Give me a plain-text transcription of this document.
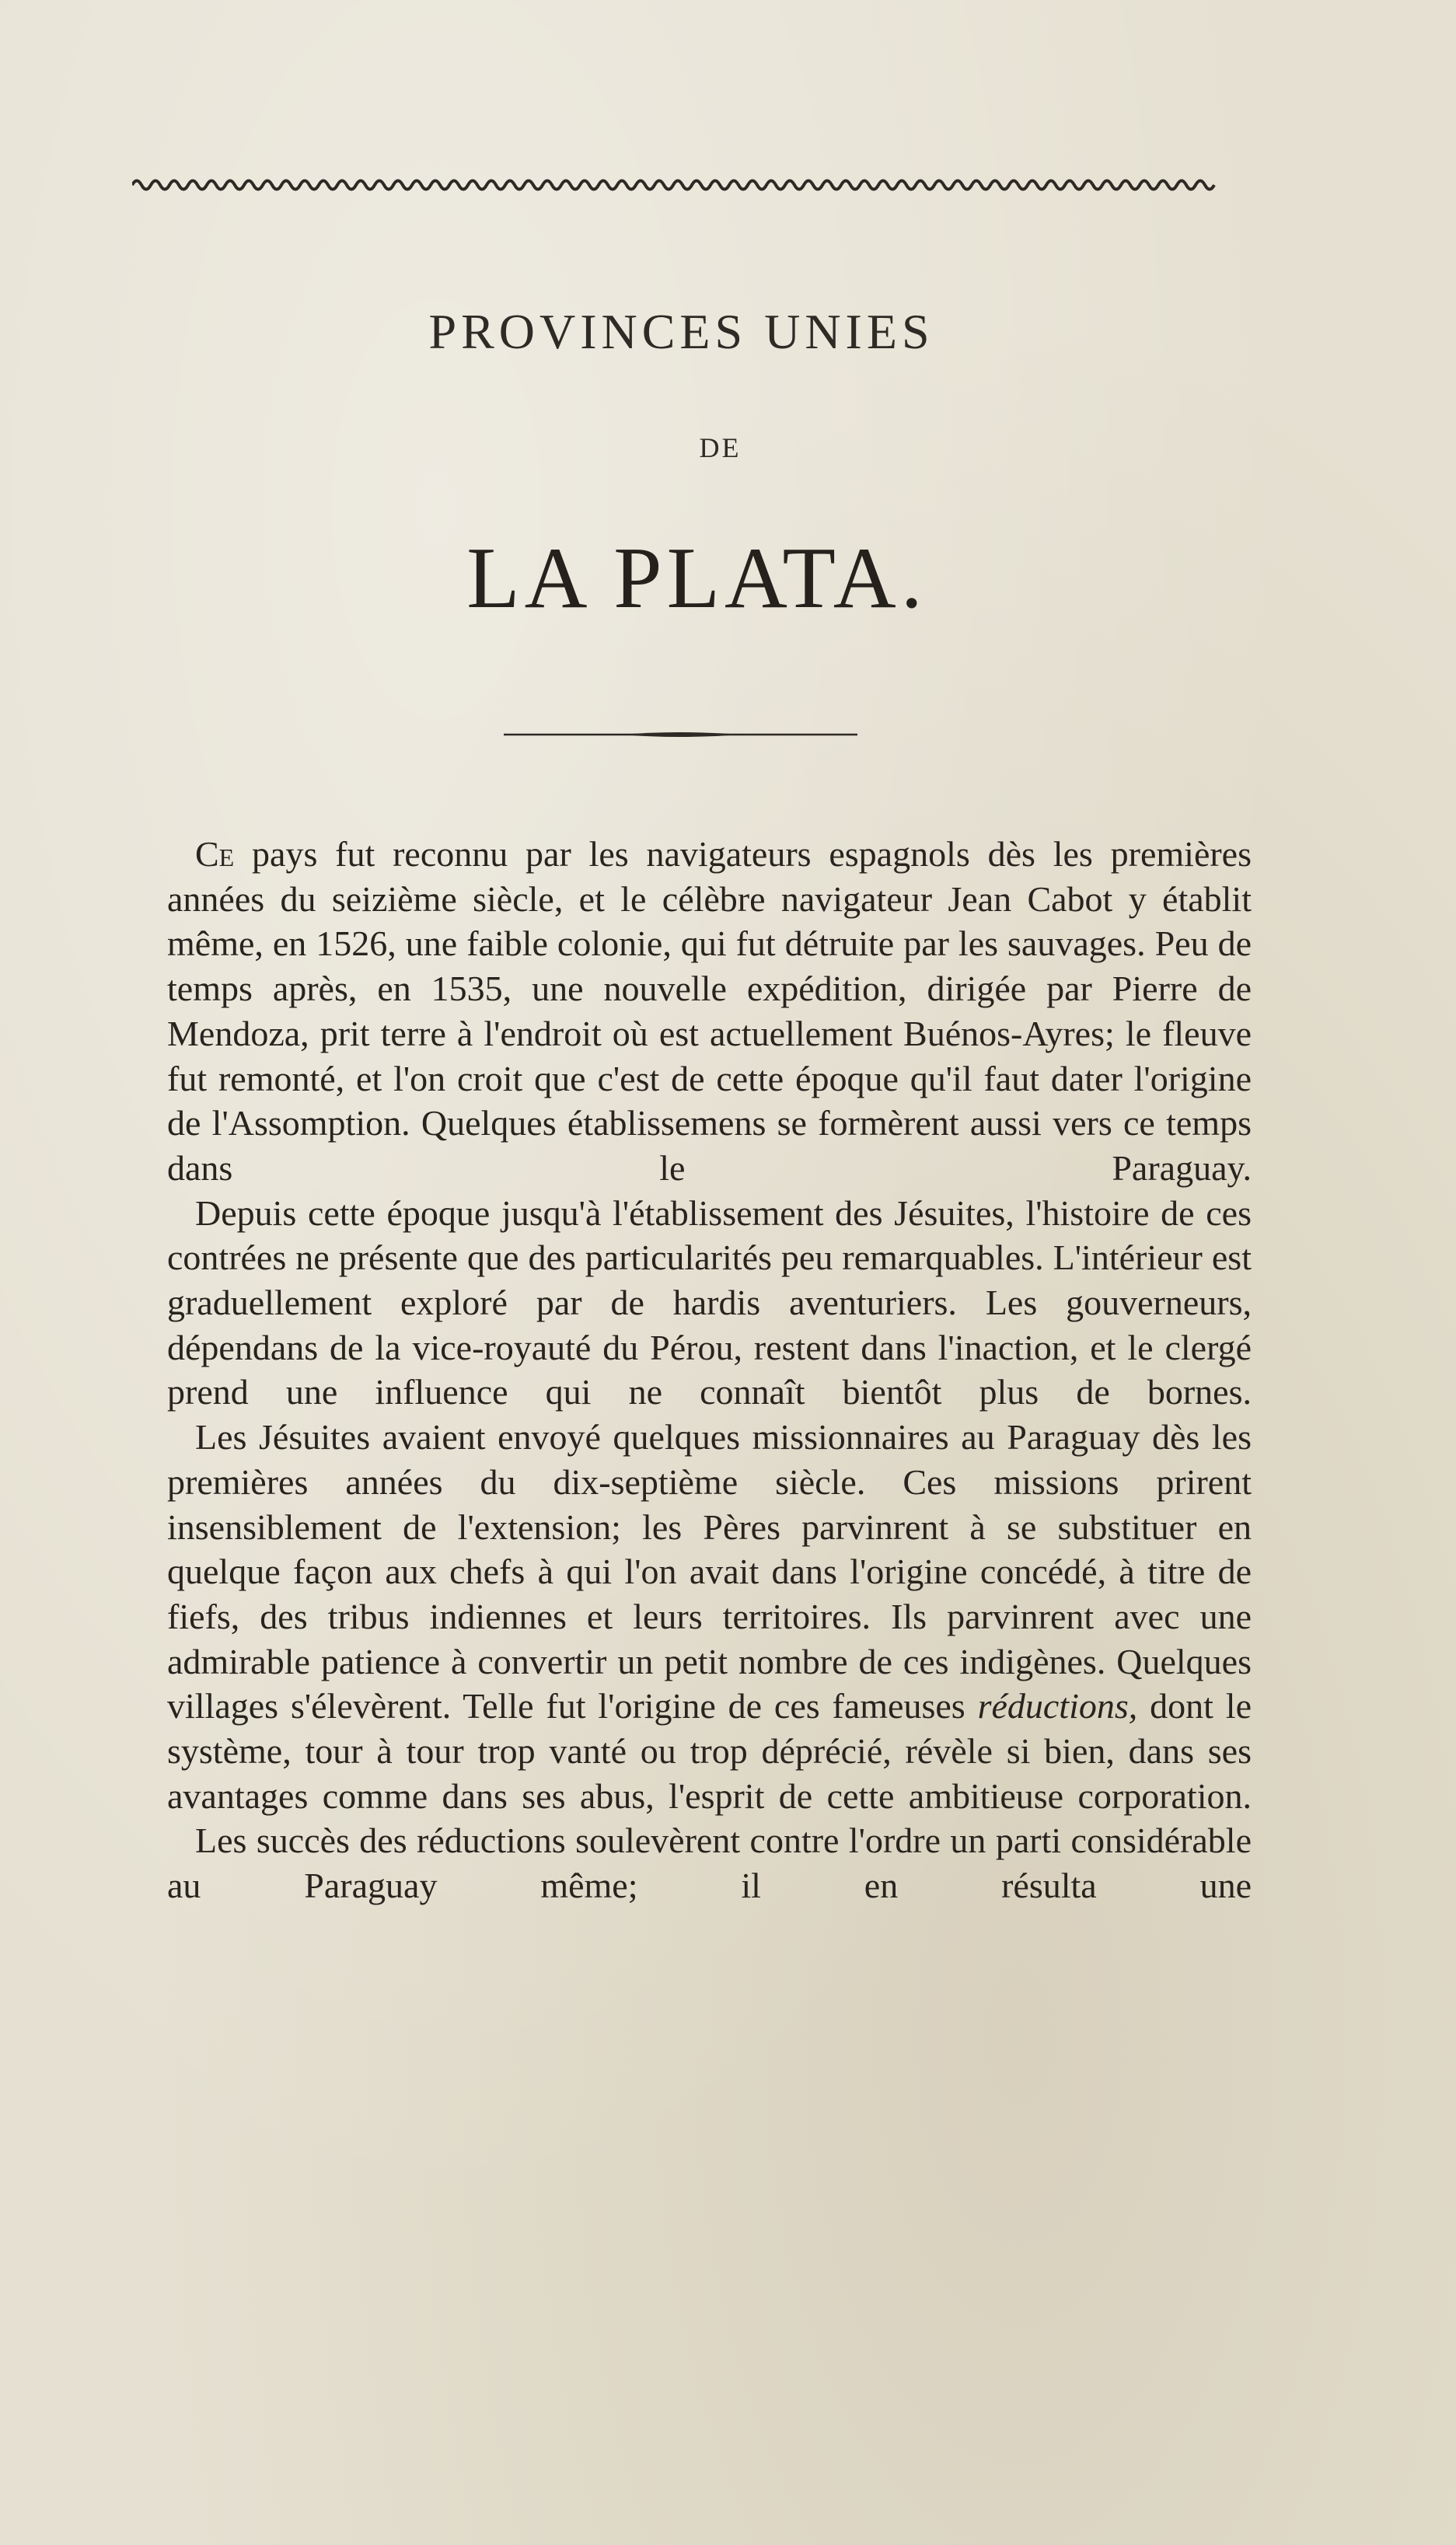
PROVINCES UNIES
DE
LA PLATA.

Ce pays fut reconnu par les navigateurs espagnols dès les premières années du seizième siècle, et le célèbre navigateur Jean Cabot y établit même, en 1526, une faible colonie, qui fut détruite par les sauvages. Peu de temps après, en 1535, une nouvelle expédition, dirigée par Pierre de Mendoza, prit terre à l'endroit où est actuellement Buénos-Ayres; le fleuve fut remonté, et l'on croit que c'est de cette époque qu'il faut dater l'origine de l'Assomption. Quelques établissemens se formèrent aussi vers ce temps dans le Paraguay.

Depuis cette époque jusqu'à l'établissement des Jésuites, l'histoire de ces contrées ne présente que des particularités peu remarquables. L'intérieur est graduellement exploré par de hardis aventuriers. Les gouverneurs, dépendans de la vice-royauté du Pérou, restent dans l'inaction, et le clergé prend une influence qui ne connaît bientôt plus de bornes.

Les Jésuites avaient envoyé quelques missionnaires au Paraguay dès les premières années du dix-septième siècle. Ces missions prirent insensiblement de l'extension; les Pères parvinrent à se substituer en quelque façon aux chefs à qui l'on avait dans l'origine concédé, à titre de fiefs, des tribus indiennes et leurs territoires. Ils parvinrent avec une admirable patience à convertir un petit nombre de ces indigènes. Quelques villages s'élevèrent. Telle fut l'origine de ces fameuses réductions, dont le système, tour à tour trop vanté ou trop déprécié, révèle si bien, dans ses avantages comme dans ses abus, l'esprit de cette ambitieuse corporation.

Les succès des réductions soulevèrent contre l'ordre un parti considérable au Paraguay même; il en résulta une
